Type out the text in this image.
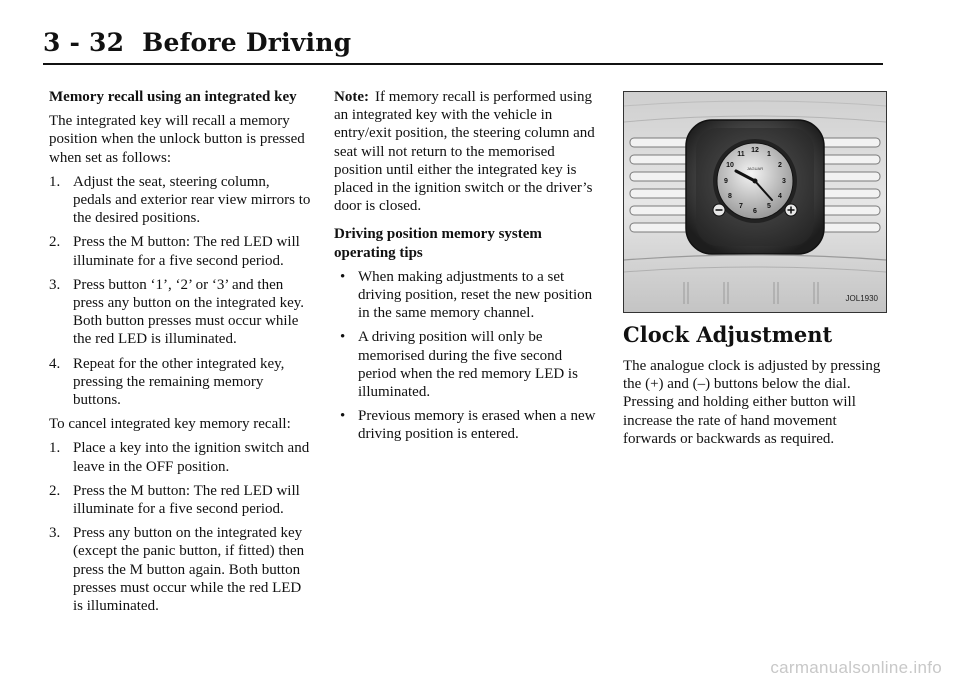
3 - 32 Before Driving

Memory recall using an integrated key

The integrated key will recall a memory position when the unlock button is pressed when set as follows:

1. Adjust the seat, steering column, pedals and exterior rear view mirrors to the desired positions.
2. Press the M button: The red LED will illuminate for a five second period.
3. Press button ‘1’, ‘2’ or ‘3’ and then press any button on the integrated key. Both button presses must occur while the red LED is illuminated.
4. Repeat for the other integrated key, pressing the remaining memory buttons.

To cancel integrated key memory recall:

1. Place a key into the ignition switch and leave in the OFF position.
2. Press the M button: The red LED will illuminate for a five second period.
3. Press any button on the integrated key (except the panic button, if fitted) then press the M button again. Both button presses must occur while the red LED is illuminated.

Note: If memory recall is performed using an integrated key with the vehicle in entry/exit position, the steering column and seat will not return to the memorised position until either the integrated key is placed in the ignition switch or the driver’s door is closed.

Driving position memory system operating tips

• When making adjustments to a set driving position, reset the new position in the same memory channel.
• A driving position will only be memorised during the five second period when the red memory LED is illuminated.
• Previous memory is erased when a new driving position is entered.
12
1
2
3
4
5
6
7
8
9
10
11
JAGUAR
JOL1930
Clock Adjustment

The analogue clock is adjusted by pressing the (+) and (–) buttons below the dial. Pressing and holding either button will increase the rate of hand movement forwards or backwards as required.

carmanualsonline.info
